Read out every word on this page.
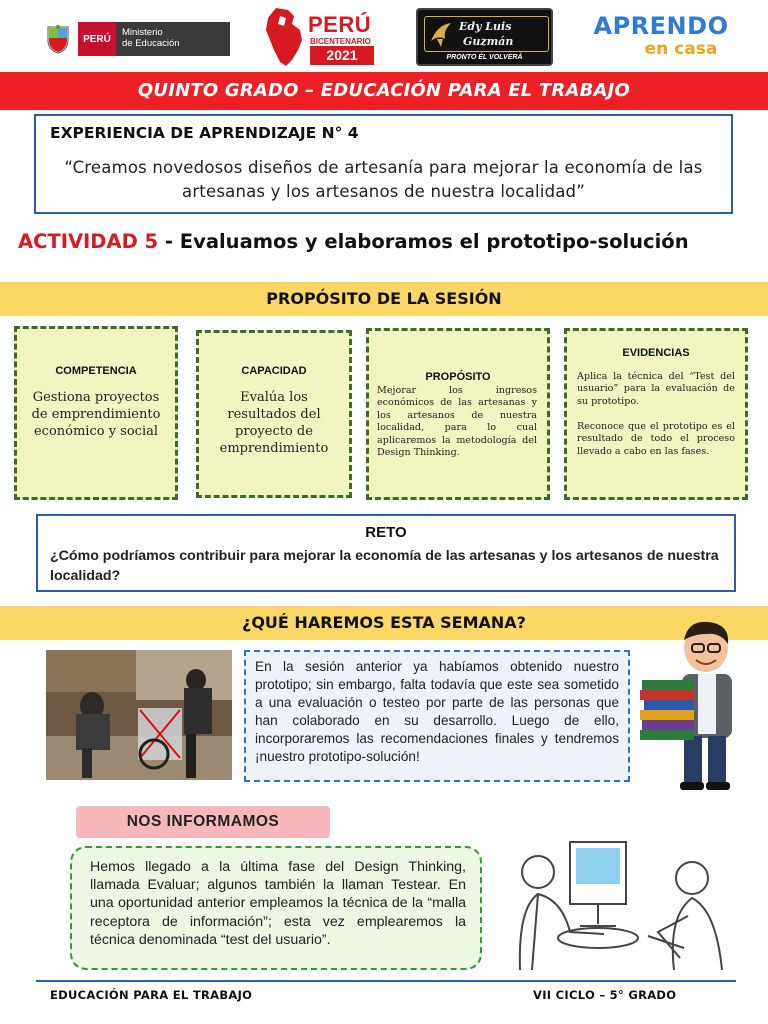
PERÚ
Ministerio
de Educación
PERÚ
BICENTENARIO
2021
Edy Luis
Guzmán
PRONTO ÉL VOLVERÁ
APRENDO
en casa
QUINTO GRADO – EDUCACIÓN PARA EL TRABAJO
EXPERIENCIA DE APRENDIZAJE N° 4
“Creamos novedosos diseños de artesanía para mejorar la economía de las artesanas y los artesanos de nuestra localidad”
ACTIVIDAD 5 - Evaluamos y elaboramos el prototipo-solución
PROPÓSITO DE LA SESIÓN
COMPETENCIA
Gestiona proyectos de emprendimiento económico y social
CAPACIDAD
Evalúa los resultados del proyecto de emprendimiento
PROPÓSITO
Mejorar los ingresos económicos de las artesanas y los artesanos de nuestra localidad, para lo cual aplicaremos la metodología del Design Thinking.
EVIDENCIAS
Aplica la técnica del “Test del usuario” para la evaluación de su prototipo.
Reconoce que el prototipo es el resultado de todo el proceso llevado a cabo en las fases.
RETO
¿Cómo podríamos contribuir para mejorar la economía de las artesanas y los artesanos de nuestra localidad?
¿QUÉ HAREMOS ESTA SEMANA?
En la sesión anterior ya habíamos obtenido nuestro prototipo; sin embargo, falta todavía que este sea sometido a una evaluación o testeo por parte de las personas que han colaborado en su desarrollo. Luego de ello, incorporaremos las recomendaciones finales y tendremos ¡nuestro prototipo-solución!
NOS INFORMAMOS
Hemos llegado a la última fase del Design Thinking, llamada Evaluar; algunos también la llaman Testear. En una oportunidad anterior empleamos la técnica de la “malla receptora de información”; esta vez emplearemos la técnica denominada “test del usuario”.
EDUCACIÓN PARA EL TRABAJO	VII CICLO – 5° GRADO
